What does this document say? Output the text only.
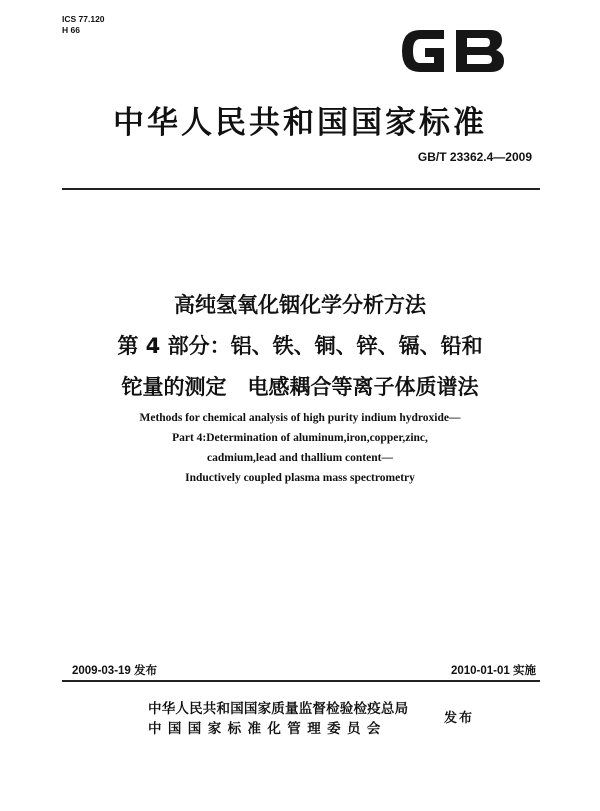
ICS 77.120
H 66
中华人民共和国国家标准
GB/T 23362.4—2009
高纯氢氧化铟化学分析方法
第 4 部分：铝、铁、铜、锌、镉、铅和
铊量的测定　电感耦合等离子体质谱法
Methods for chemical analysis of high purity indium hydroxide—
Part 4:Determination of aluminum,iron,copper,zinc,
cadmium,lead and thallium content—
Inductively coupled plasma mass spectrometry
2009-03-19 发布	2010-01-01 实施
中华人民共和国国家质量监督检验检疫总局
中国国家标准化管理委员会
发布
